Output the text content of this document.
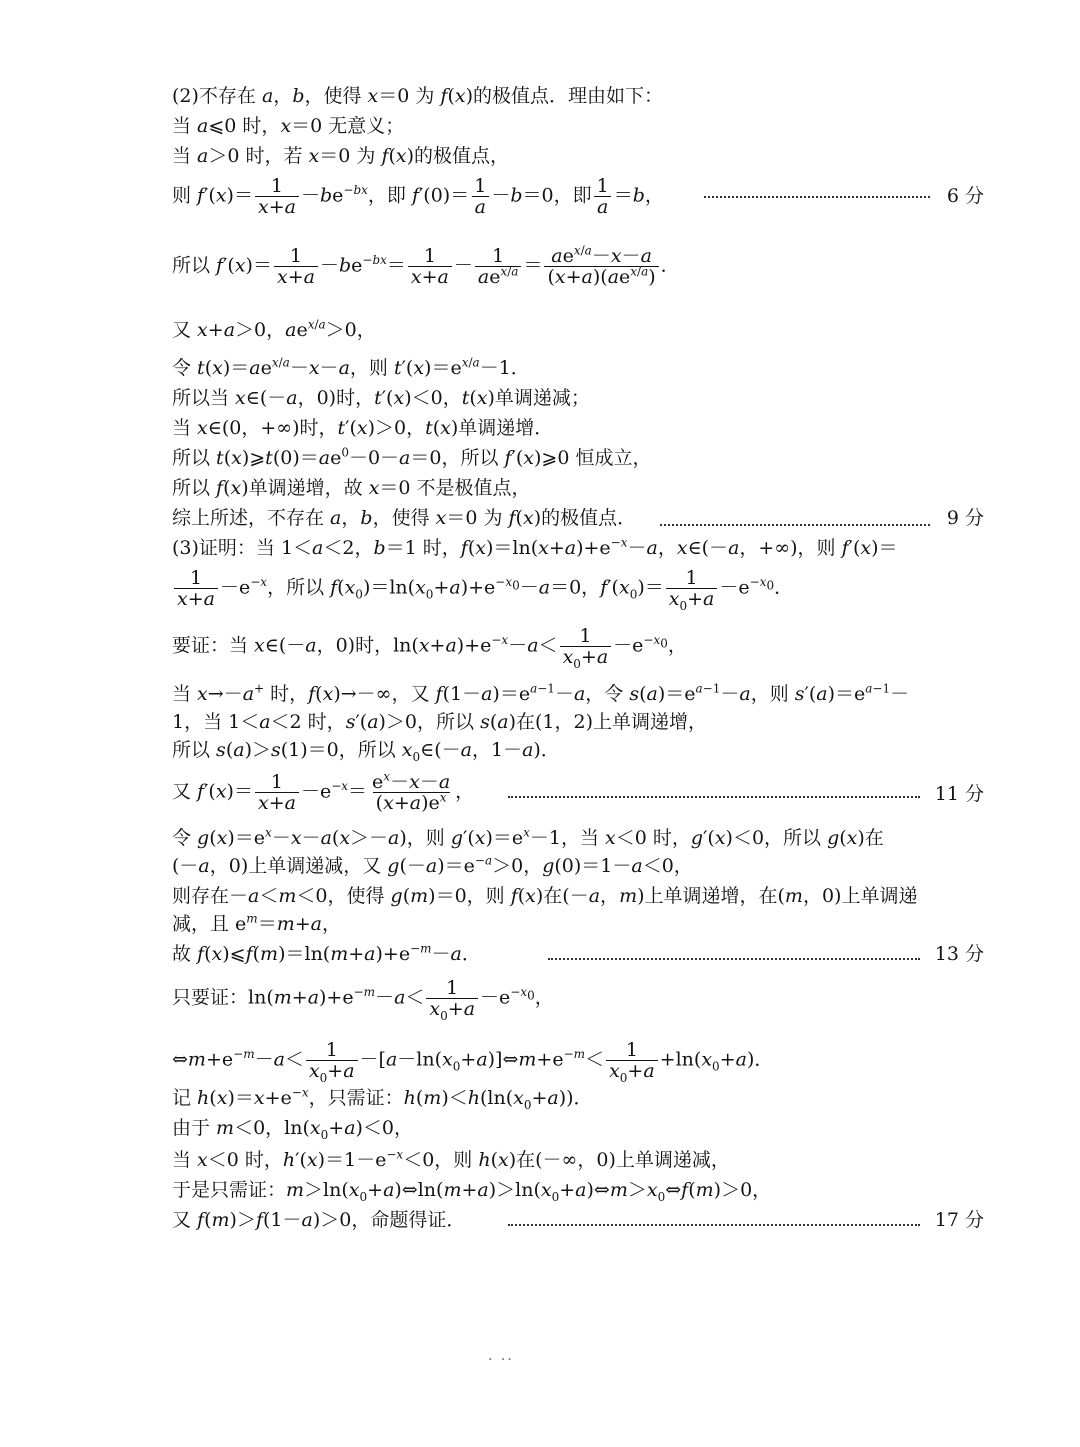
(2)不存在 a，b，使得 x＝0 为 f(x)的极值点．理由如下：
当 a⩽0 时，x＝0 无意义；
当 a＞0 时，若 x＝0 为 f(x)的极值点，
则 $f'(x)= \frac{1}{x+a} -be^{-bx}$，即 $f'(0)= \frac{1}{a} -b=0$，即 $\frac{1}{a} =b$，	6 分
所以 $f'(x)= \frac{1}{x+a} -be^{-bx}= \frac{1}{x+a} - \frac{1}{ae^{x/a}} = \frac{ae^{x/a}-x-a}{(x+a)(ae^{x/a})}$ ．
又 x+a＞0，$ae^{x/a}>0$，
令 $t(x)=ae^{x/a}-x-a$，则 $t'(x)=e^{x/a}-1$．
所以当 x∈(－a，0)时，t′(x)＜0，t(x)单调递减；
当 x∈(0，+∞)时，t′(x)＞0，t(x)单调递增．
所以 $t(x)⩾t(0)=ae^0-0-a=0$，所以 f′(x)⩾0 恒成立，
所以 f(x)单调递增，故 x＝0 不是极值点，
综上所述，不存在 a，b，使得 x＝0 为 f(x)的极值点．	9 分
(3)证明：当 1＜a＜2，b＝1 时，$f(x)=\ln(x+a)+e^{-x}-a$，x∈(－a，+∞)，则 f′(x)＝
$\frac{1}{x+a} -e^{-x}$，所以 $f(x_0)=\ln(x_0+a)+e^{-x_0}-a=0$，$f'(x_0)= \frac{1}{x_0+a} -e^{-x_0}$．
要证：当 x∈(－a，0)时，$\ln(x+a)+e^{-x}-a< \frac{1}{x_0+a} -e^{-x_0}$，
当 x→－a+ 时，f(x)→－∞，又 $f(1-a)=e^{a-1}-a$，令 $s(a)=e^{a-1}-a$，则 $s'(a)=e^{a-1}-$
1，当 1＜a＜2 时，s′(a)＞0，所以 s(a)在(1，2)上单调递增，
所以 s(a)＞s(1)＝0，所以 $x_0\in(-a$，1－a)．
又 $f'(x)= \frac{1}{x+a} -e^{-x}= \frac{e^x-x-a}{(x+a)e^x}$ ，	11 分
令 $g(x)=e^x-x-a(x>-a)$，则 $g'(x)=e^x-1$，当 x＜0 时，g′(x)＜0，所以 g(x)在
(－a，0)上单调递减，又 $g(-a)=e^{-a}>0$，g(0)＝1－a＜0，
则存在－a＜m＜0，使得 g(m)＝0，则 f(x)在(－a，m)上单调递增，在(m，0)上单调递
减，且 $e^m=m+a$，
故 $f(x)⩽f(m)=\ln(m+a)+e^{-m}-a$．	13 分
只要证：$\ln(m+a)+e^{-m}-a< \frac{1}{x_0+a} -e^{-x_0}$，
$\Leftrightarrow m+e^{-m}-a< \frac{1}{x_0+a}$ $-[a-\ln(x_0+a)]\Leftrightarrow m+e^{-m}< \frac{1}{x_0+a} +\ln(x_0+a)$．
记 $h(x)=x+e^{-x}$，只需证：$h(m)<h(\ln(x_0+a))$．
由于 m＜0，$\ln(x_0+a)<0$，
当 x＜0 时，$h'(x)=1-e^{-x}<0$，则 h(x)在(－∞，0)上单调递减，
于是只需证：$m>\ln(x_0+a)\Leftrightarrow\ln(m+a)>\ln(x_0+a)\Leftrightarrow m>x_0\Leftrightarrow f(m)>0$，
又 f(m)＞f(1－a)＞0，命题得证．	17 分
· ··
